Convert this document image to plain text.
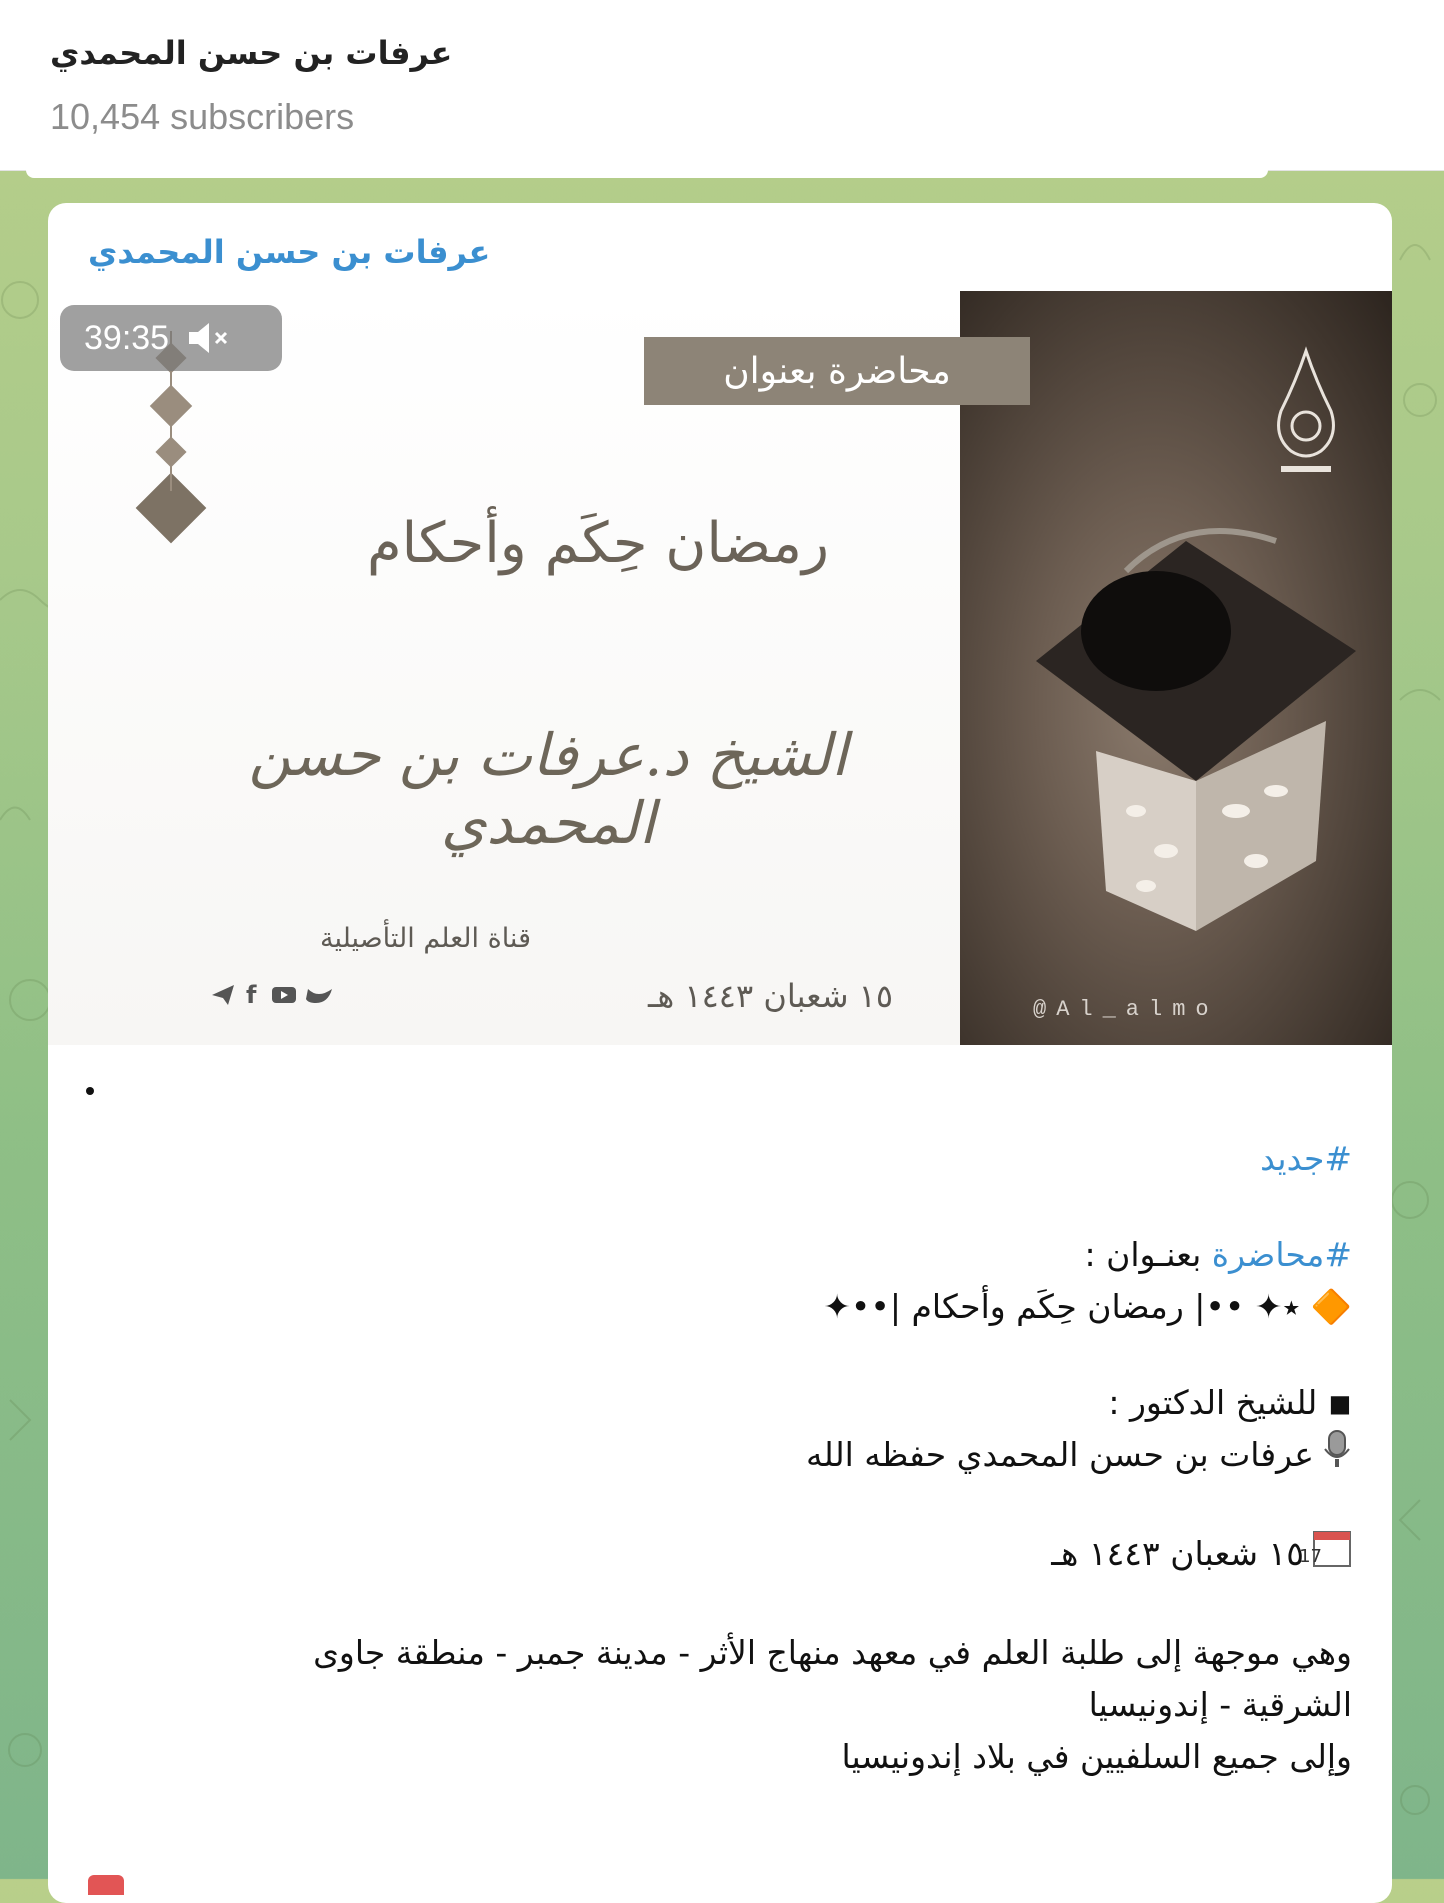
عرفات بن حسن المحمدي
10,454 subscribers
عرفات بن حسن المحمدي
39:35
محاضرة بعنوان
رمضان حِكَم وأحكام
الشيخ د.عرفات بن حسن المحمدي
قناة العلم التأصيلية
١٥ شعبان ١٤٤٣ هـ
f
@Al_almo
#جديد
#محاضرة بعنـوان :
🔶 ٭✦ ••| رمضان حِكَم وأحكام |••✦
◾ للشيخ الدكتور :
عرفات بن حسن المحمدي حفظه الله
17
١٥ شعبان ١٤٤٣ هـ
وهي موجهة إلى طلبة العلم في معهد منهاج الأثر - مدينة جمبر - منطقة جاوى
الشرقية - إندونيسيا
وإلى جميع السلفيين في بلاد إندونيسيا
